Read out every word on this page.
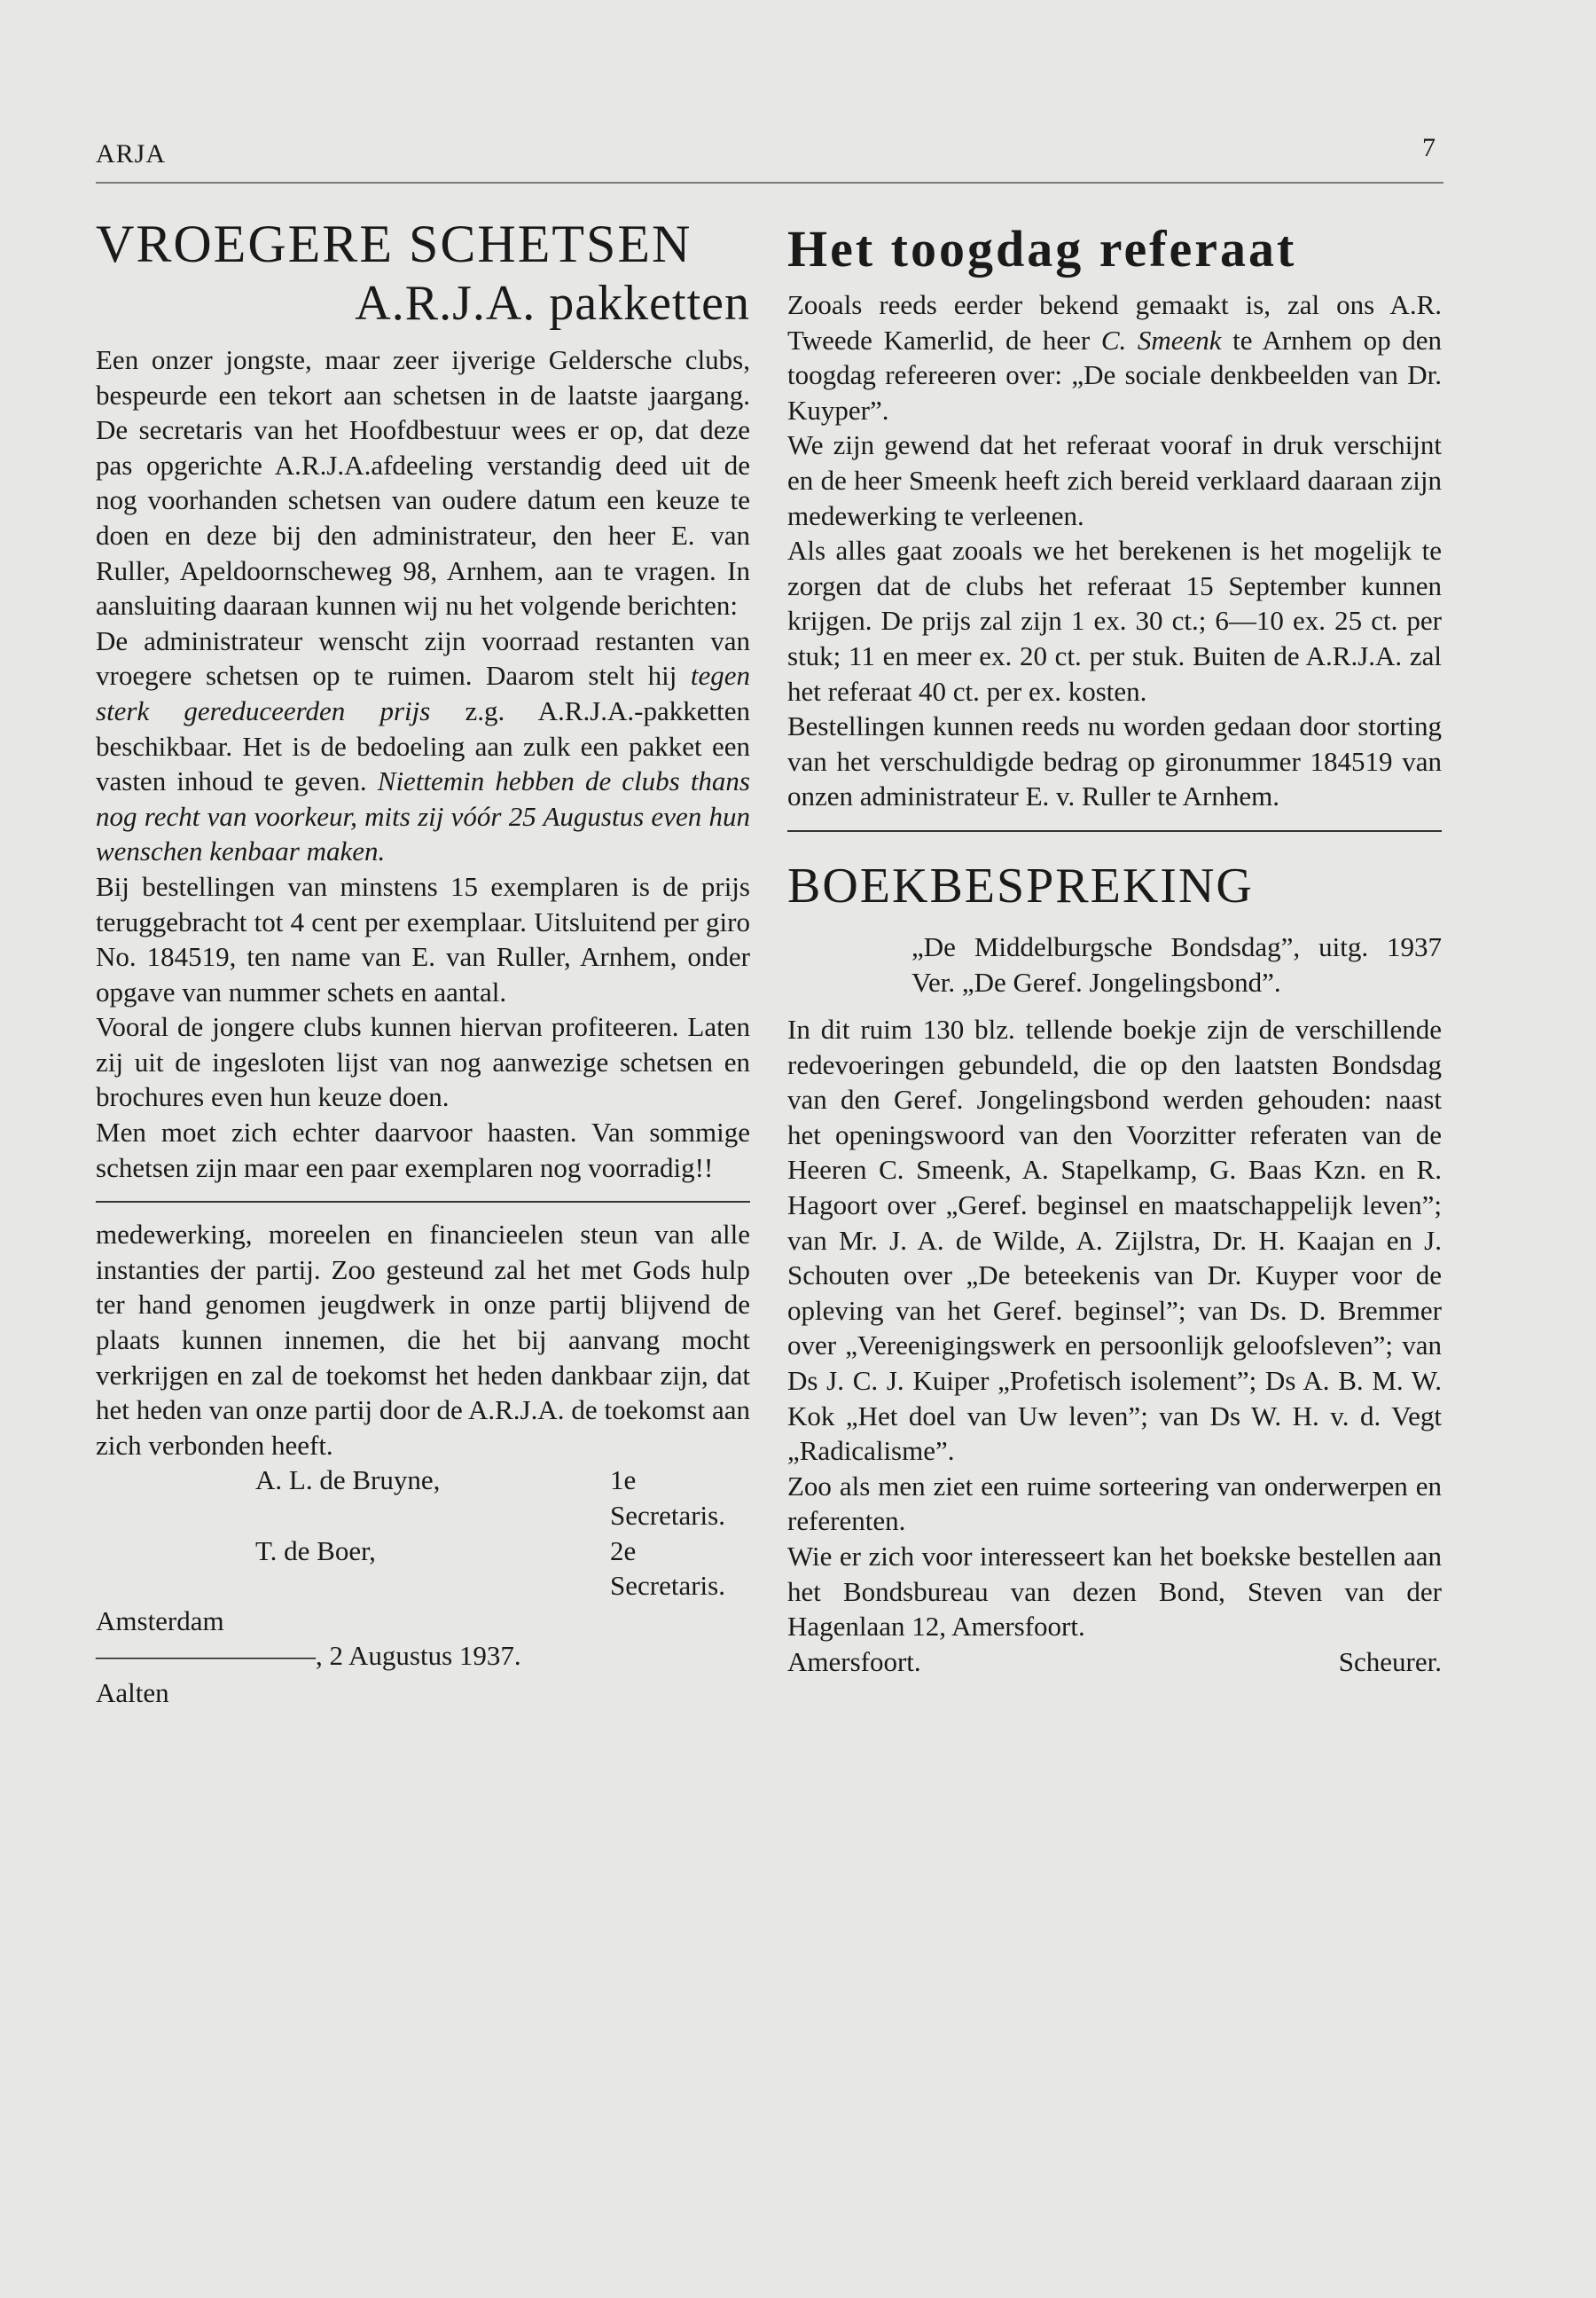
ARJA	7
VROEGERE SCHETSEN
A.R.J.A. pakketten

Een onzer jongste, maar zeer ijverige Geldersche clubs, bespeurde een tekort aan schetsen in de laatste jaargang. De secretaris van het Hoofdbestuur wees er op, dat deze pas opgerichte A.R.J.A.afdeeling verstandig deed uit de nog voorhanden schetsen van oudere datum een keuze te doen en deze bij den administrateur, den heer E. van Ruller, Apeldoornscheweg 98, Arnhem, aan te vragen. In aansluiting daaraan kunnen wij nu het volgende berichten:

De administrateur wenscht zijn voorraad restanten van vroegere schetsen op te ruimen. Daarom stelt hij tegen sterk gereduceerden prijs z.g. A.R.J.A.-pakketten beschikbaar. Het is de bedoeling aan zulk een pakket een vasten inhoud te geven. Niettemin hebben de clubs thans nog recht van voorkeur, mits zij vóór 25 Augustus even hun wenschen kenbaar maken.

Bij bestellingen van minstens 15 exemplaren is de prijs teruggebracht tot 4 cent per exemplaar. Uitsluitend per giro No. 184519, ten name van E. van Ruller, Arnhem, onder opgave van nummer schets en aantal.

Vooral de jongere clubs kunnen hiervan profiteeren. Laten zij uit de ingesloten lijst van nog aanwezige schetsen en brochures even hun keuze doen.

Men moet zich echter daarvoor haasten. Van sommige schetsen zijn maar een paar exemplaren nog voorradig!!

medewerking, moreelen en financieelen steun van alle instanties der partij. Zoo gesteund zal het met Gods hulp ter hand genomen jeugdwerk in onze partij blijvend de plaats kunnen innemen, die het bij aanvang mocht verkrijgen en zal de toekomst het heden dankbaar zijn, dat het heden van onze partij door de A.R.J.A. de toekomst aan zich verbonden heeft.

A. L. de Bruyne,	1e Secretaris.
T. de Boer,	2e Secretaris.
Amsterdam
————————, 2 Augustus 1937.
Aalten
Het toogdag referaat

Zooals reeds eerder bekend gemaakt is, zal ons A.R. Tweede Kamerlid, de heer C. Smeenk te Arnhem op den toogdag refereeren over: „De sociale denkbeelden van Dr. Kuyper”.

We zijn gewend dat het referaat vooraf in druk verschijnt en de heer Smeenk heeft zich bereid verklaard daaraan zijn medewerking te verleenen.

Als alles gaat zooals we het berekenen is het mogelijk te zorgen dat de clubs het referaat 15 September kunnen krijgen. De prijs zal zijn 1 ex. 30 ct.; 6—10 ex. 25 ct. per stuk; 11 en meer ex. 20 ct. per stuk. Buiten de A.R.J.A. zal het referaat 40 ct. per ex. kosten.

Bestellingen kunnen reeds nu worden gedaan door storting van het verschuldigde bedrag op gironummer 184519 van onzen administrateur E. v. Ruller te Arnhem.

BOEKBESPREKING

„De Middelburgsche Bondsdag”, uitg. 1937 Ver. „De Geref. Jongelingsbond”.

In dit ruim 130 blz. tellende boekje zijn de verschillende redevoeringen gebundeld, die op den laatsten Bondsdag van den Geref. Jongelingsbond werden gehouden: naast het openingswoord van den Voorzitter referaten van de Heeren C. Smeenk, A. Stapelkamp, G. Baas Kzn. en R. Hagoort over „Geref. beginsel en maatschappelijk leven”; van Mr. J. A. de Wilde, A. Zijlstra, Dr. H. Kaajan en J. Schouten over „De beteekenis van Dr. Kuyper voor de opleving van het Geref. beginsel”; van Ds. D. Bremmer over „Vereenigingswerk en persoonlijk geloofsleven”; van Ds J. C. J. Kuiper „Profetisch isolement”; Ds A. B. M. W. Kok „Het doel van Uw leven”; van Ds W. H. v. d. Vegt „Radicalisme”.

Zoo als men ziet een ruime sorteering van onderwerpen en referenten.

Wie er zich voor interesseert kan het boekske bestellen aan het Bondsbureau van dezen Bond, Steven van der Hagenlaan 12, Amersfoort.

Amersfoort.	Scheurer.
